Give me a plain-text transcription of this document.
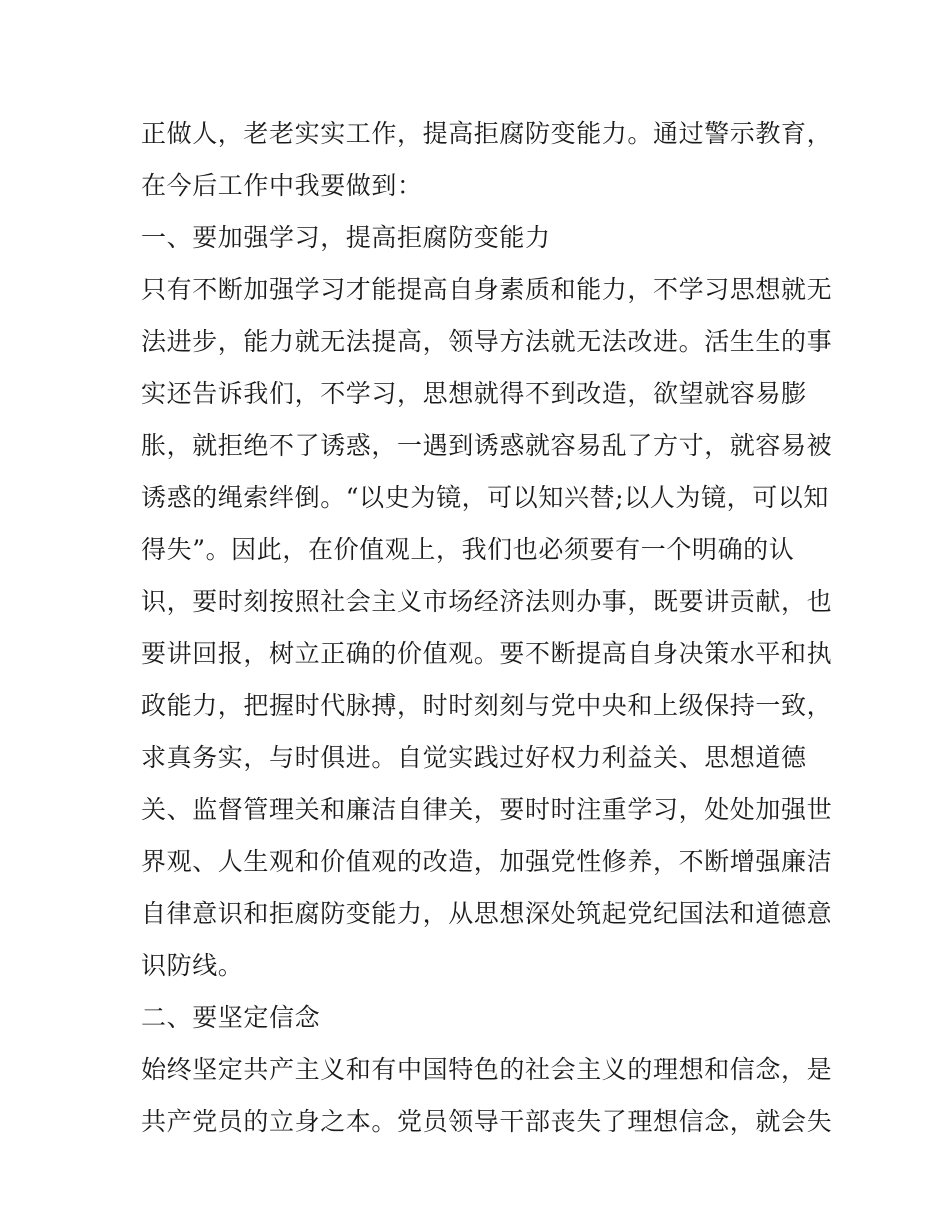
正做人，老老实实工作，提高拒腐防变能力。通过警示教育，
在今后工作中我要做到：
一、要加强学习，提高拒腐防变能力
只有不断加强学习才能提高自身素质和能力，不学习思想就无
法进步，能力就无法提高，领导方法就无法改进。活生生的事
实还告诉我们，不学习，思想就得不到改造，欲望就容易膨
胀，就拒绝不了诱惑，一遇到诱惑就容易乱了方寸，就容易被
诱惑的绳索绊倒。“以史为镜，可以知兴替;以人为镜，可以知
得失”。因此，在价值观上，我们也必须要有一个明确的认
识，要时刻按照社会主义市场经济法则办事，既要讲贡献，也
要讲回报，树立正确的价值观。要不断提高自身决策水平和执
政能力，把握时代脉搏，时时刻刻与党中央和上级保持一致，
求真务实，与时俱进。自觉实践过好权力利益关、思想道德
关、监督管理关和廉洁自律关，要时时注重学习，处处加强世
界观、人生观和价值观的改造，加强党性修养，不断增强廉洁
自律意识和拒腐防变能力，从思想深处筑起党纪国法和道德意
识防线。
二、要坚定信念
始终坚定共产主义和有中国特色的社会主义的理想和信念，是
共产党员的立身之本。党员领导干部丧失了理想信念，就会失
